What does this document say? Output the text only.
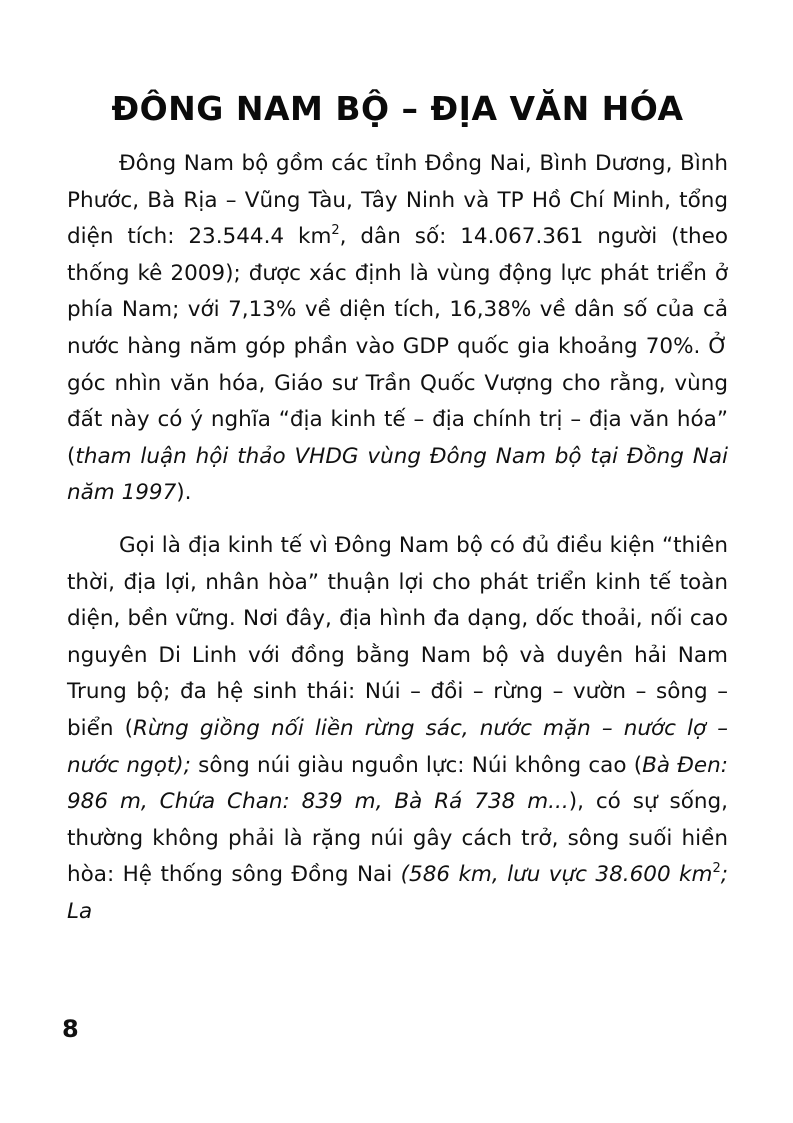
ĐÔNG NAM BỘ – ĐỊA VĂN HÓA

Đông Nam bộ gồm các tỉnh Đồng Nai, Bình Dương, Bình Phước, Bà Rịa – Vũng Tàu, Tây Ninh và TP Hồ Chí Minh, tổng diện tích: 23.544.4 $km^2$, dân số: 14.067.361 người (theo thống kê 2009); được xác định là vùng động lực phát triển ở phía Nam; với 7,13% về diện tích, 16,38% về dân số của cả nước hàng năm góp phần vào GDP quốc gia khoảng 70%. Ở góc nhìn văn hóa, Giáo sư Trần Quốc Vượng cho rằng, vùng đất này có ý nghĩa “địa kinh tế – địa chính trị – địa văn hóa” (tham luận hội thảo VHDG vùng Đông Nam bộ tại Đồng Nai năm 1997).

Gọi là địa kinh tế vì Đông Nam bộ có đủ điều kiện “thiên thời, địa lợi, nhân hòa” thuận lợi cho phát triển kinh tế toàn diện, bền vững. Nơi đây, địa hình đa dạng, dốc thoải, nối cao nguyên Di Linh với đồng bằng Nam bộ và duyên hải Nam Trung bộ; đa hệ sinh thái: Núi – đồi – rừng – vườn – sông – biển (Rừng giồng nối liền rừng sác, nước mặn – nước lợ – nước ngọt); sông núi giàu nguồn lực: Núi không cao (Bà Đen: 986 m, Chứa Chan: 839 m, Bà Rá 738 m...), có sự sống, thường không phải là rặng núi gây cách trở, sông suối hiền hòa: Hệ thống sông Đồng Nai (586 km, lưu vực 38.600 $km^2$; La

8
